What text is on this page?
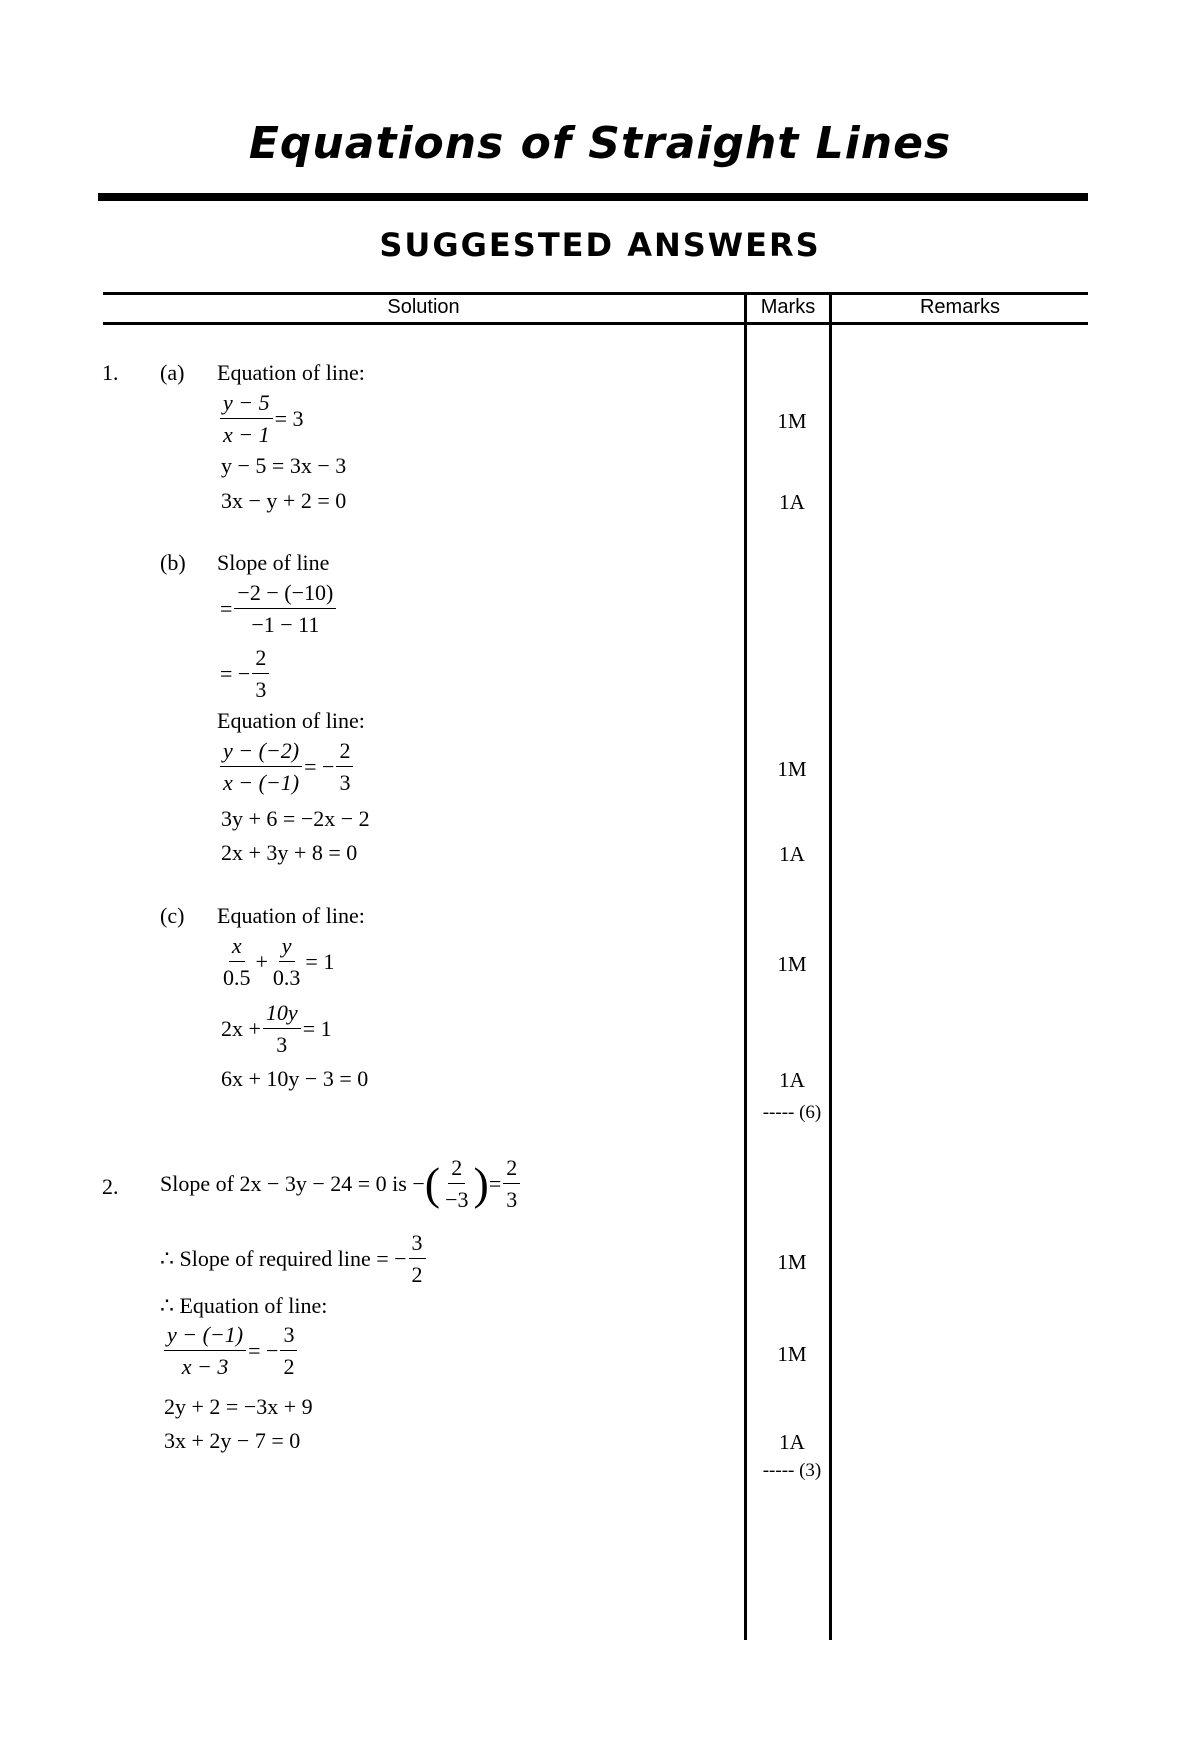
Equations of Straight Lines
SUGGESTED ANSWERS
Solution	Marks	Remarks
1. (a) Equation of line:
$\frac{y - 5}{x - 1} = 3$	1M
y − 5 = 3x − 3
3x − y + 2 = 0	1A
(b) Slope of line
= $\frac{-2 - (-10)}{-1 - 11}$
= − $\frac{2}{3}$
Equation of line:
$\frac{y - (-2)}{x - (-1)}$ = − $\frac{2}{3}$	1M
3y + 6 = −2x − 2
2x + 3y + 8 = 0	1A
(c) Equation of line:
$\frac{x}{0.5} + \frac{y}{0.3} = 1$	1M
$2x + \frac{10y}{3} = 1$
6x + 10y − 3 = 0	1A
----- (6)
2. Slope of 2x − 3y − 24 = 0 is − ( $\frac{2}{-3}$ ) = $\frac{2}{3}$
∴ Slope of required line = − $\frac{3}{2}$	1M
∴ Equation of line:
$\frac{y - (-1)}{x - 3}$ = − $\frac{3}{2}$	1M
2y + 2 = −3x + 9
3x + 2y − 7 = 0	1A
----- (3)
